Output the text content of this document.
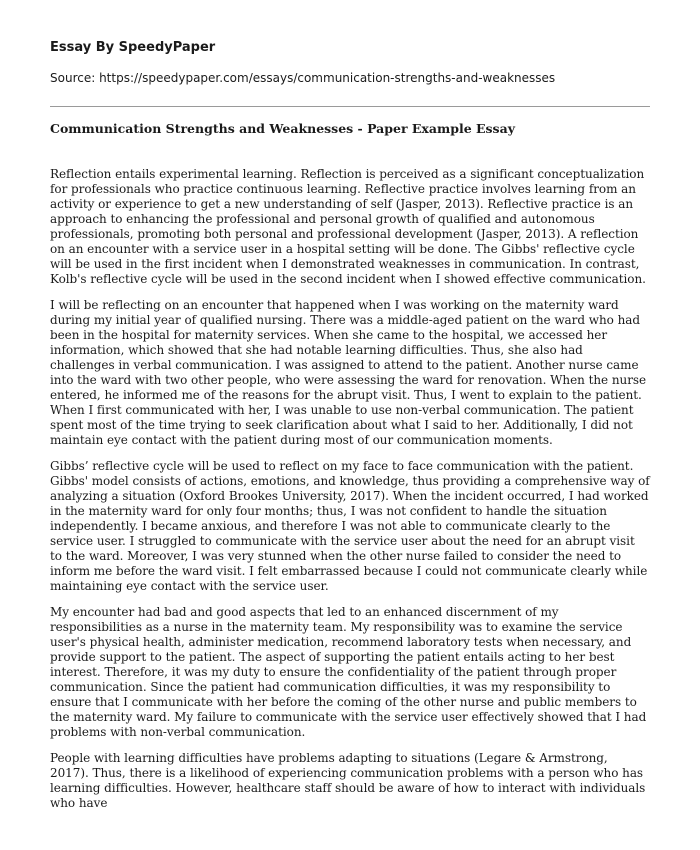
Essay By SpeedyPaper
Source: https://speedypaper.com/essays/communication-strengths-and-weaknesses
Communication Strengths and Weaknesses - Paper Example Essay

Reflection entails experimental learning. Reflection is perceived as a significant conceptualization for professionals who practice continuous learning. Reflective practice involves learning from an activity or experience to get a new understanding of self (Jasper, 2013). Reflective practice is an approach to enhancing the professional and personal growth of qualified and autonomous professionals, promoting both personal and professional development (Jasper, 2013). A reflection on an encounter with a service user in a hospital setting will be done. The Gibbs' reflective cycle will be used in the first incident when I demonstrated weaknesses in communication. In contrast, Kolb's reflective cycle will be used in the second incident when I showed effective communication.

I will be reflecting on an encounter that happened when I was working on the maternity ward during my initial year of qualified nursing. There was a middle-aged patient on the ward who had been in the hospital for maternity services. When she came to the hospital, we accessed her information, which showed that she had notable learning difficulties. Thus, she also had challenges in verbal communication. I was assigned to attend to the patient. Another nurse came into the ward with two other people, who were assessing the ward for renovation. When the nurse entered, he informed me of the reasons for the abrupt visit. Thus, I went to explain to the patient. When I first communicated with her, I was unable to use non-verbal communication. The patient spent most of the time trying to seek clarification about what I said to her. Additionally, I did not maintain eye contact with the patient during most of our communication moments.

Gibbs’ reflective cycle will be used to reflect on my face to face communication with the patient. Gibbs' model consists of actions, emotions, and knowledge, thus providing a comprehensive way of analyzing a situation (Oxford Brookes University, 2017). When the incident occurred, I had worked in the maternity ward for only four months; thus, I was not confident to handle the situation independently. I became anxious, and therefore I was not able to communicate clearly to the service user. I struggled to communicate with the service user about the need for an abrupt visit to the ward. Moreover, I was very stunned when the other nurse failed to consider the need to inform me before the ward visit. I felt embarrassed because I could not communicate clearly while maintaining eye contact with the service user.

My encounter had bad and good aspects that led to an enhanced discernment of my responsibilities as a nurse in the maternity team. My responsibility was to examine the service user's physical health, administer medication, recommend laboratory tests when necessary, and provide support to the patient. The aspect of supporting the patient entails acting to her best interest. Therefore, it was my duty to ensure the confidentiality of the patient through proper communication. Since the patient had communication difficulties, it was my responsibility to ensure that I communicate with her before the coming of the other nurse and public members to the maternity ward. My failure to communicate with the service user effectively showed that I had problems with non-verbal communication.

People with learning difficulties have problems adapting to situations (Legare & Armstrong, 2017). Thus, there is a likelihood of experiencing communication problems with a person who has learning difficulties. However, healthcare staff should be aware of how to interact with individuals who have
